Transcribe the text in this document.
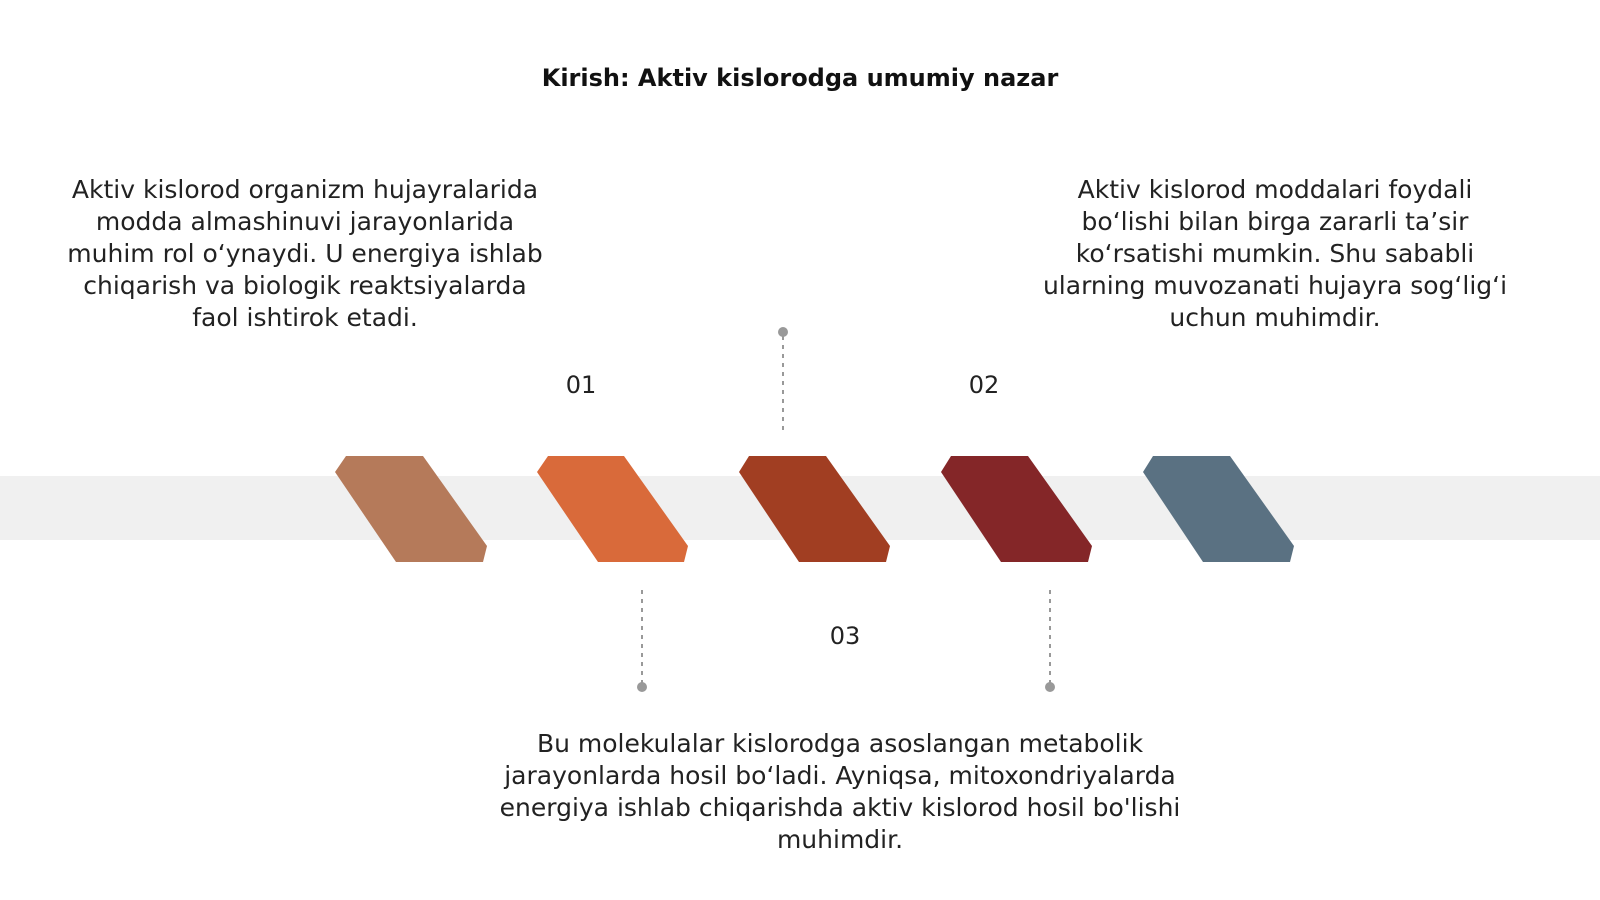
Kirish: Aktiv kislorodga umumiy nazar
Aktiv kislorod organizm hujayralarida modda almashinuvi jarayonlarida muhim rol o‘ynaydi. U energiya ishlab chiqarish va biologik reaktsiyalarda faol ishtirok etadi.
Aktiv kislorod moddalari foydali bo‘lishi bilan birga zararli ta’sir ko‘rsatishi mumkin. Shu sababli ularning muvozanati hujayra sog‘lig‘i uchun muhimdir.
Bu molekulalar kislorodga asoslangan metabolik jarayonlarda hosil bo‘ladi. Ayniqsa, mitoxondriyalarda energiya ishlab chiqarishda aktiv kislorod hosil bo'lishi muhimdir.
01	02
03
